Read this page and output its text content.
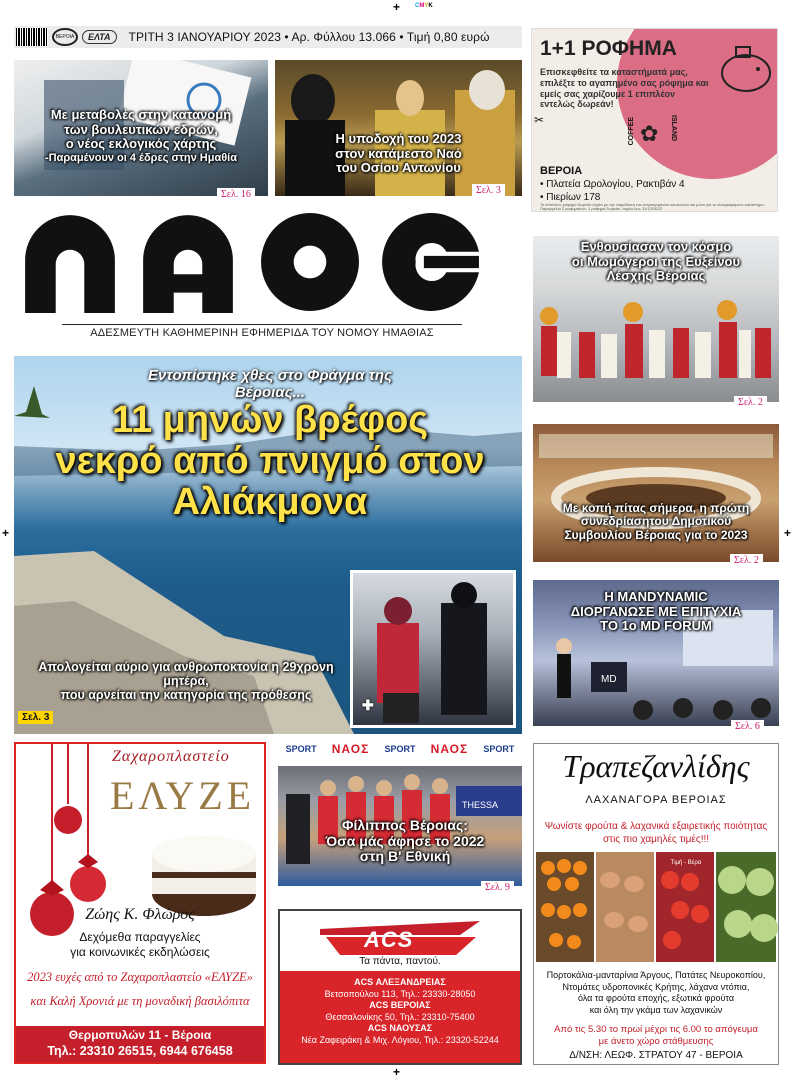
+
+	+
+
CMYK
ΒΕΡΟΙΑ	ΕΛΤΑ	ΤΡΙΤΗ 3 ΙΑΝΟΥΑΡΙΟΥ 2023 • Αρ. Φύλλου 13.066 • Τιμή 0,80 ευρώ
Με μεταβολές στην κατανομή
των βουλευτικών εδρών,
ο νέος εκλογικός χάρτης
-Παραμένουν οι 4 έδρες στην Ημαθία
Σελ. 16
Η υποδοχή του 2023
στον κατάμεστο Ναό
του Οσίου Αντωνίου
Σελ. 3
1+1 ΡΟΦΗΜΑ
Επισκεφθείτε τα καταστήματά μας, επιλέξτε το αγαπημένο σας ρόφημα και εμείς σας χαρίζουμε 1 επιπλέον εντελώς δωρεάν!
✂	COFFEE ✿ ISLAND
ΒΕΡΟΙΑ
• Πλατεία Ωρολογίου, Ρακτιβάν 4
• Πιερίων 178
Το επιπλέον ρόφημα δωρεάν ισχύει με την παράδοση του συγκεκριμένου κουπονιού και μόνο για το αναγραφόμενο κατάστημα. Παραγγελία 2 ροφημάτων, 1 ρόφημα δωρεάν. Ισχύει έως 31/12/2022
ΑΔΕΣΜΕΥΤΗ ΚΑΘΗΜΕΡΙΝΗ ΕΦΗΜΕΡΙΔΑ ΤΟΥ ΝΟΜΟΥ ΗΜΑΘΙΑΣ
Ενθουσίασαν τον κόσμο
οι Μωμόγεροι της Ευξείνου
Λέσχης Βέροιας
Σελ. 2
Με κοπή πίτας σήμερα, η πρώτη
συνεδρίασητου Δημοτικού
Συμβουλίου Βέροιας για το 2023
Σελ. 2
MD
Η MANDYNAMIC
ΔΙΟΡΓΑΝΩΣΕ ΜΕ ΕΠΙΤΥΧΙΑ
ΤΟ 1ο MD FORUM
Σελ. 6
Εντοπίστηκε χθες στο Φράγμα της Βέροιας...
11 μηνών βρέφος
νεκρό από πνιγμό στον Αλιάκμονα
Απολογείται αύριο για ανθρωποκτονία η 29χρονη μητέρα,
που αρνείται την κατηγορία της πρόθεσης
Σελ. 3
✚
Ζαχαροπλαστείο
ΕΛΥΖΕ
Ζώης Κ. Φλώρος
Δεχόμεθα παραγγελίες
για κοινωνικές εκδηλώσεις
2023 ευχές από το Ζαχαροπλαστείο «ΕΛΥΖΕ»
και Καλή Χρονιά με τη μοναδική βασιλόπιτα
Θερμοπυλών 11 - Βέροια
Τηλ.: 23310 26515, 6944 676458
SPORT ΝΑΟΣ SPORT ΝΑΟΣ SPORT
THESSA
Φίλιππος Βέροιας:
Όσα μάς άφησε το 2022
στη Β' Εθνική
Σελ. 9
ACS
Τα πάντα, παντού.
ACS ΑΛΕΞΑΝΔΡΕΙΑΣ
Βετσοπούλου 113, Τηλ.: 23330-28050
ACS ΒΕΡΟΙΑΣ
Θεσσαλονίκης 50, Τηλ.: 23310-75400
ACS ΝΑΟΥΣΑΣ
Νέα Ζαφειράκη & Μιχ. Λόγιου, Τηλ.: 23320-52244
Τραπεζανλίδης
ΛΑΧΑΝΑΓΟΡΑ ΒΕΡΟΙΑΣ
Ψωνίστε φρούτα & λαχανικά εξαιρετικής ποιότητας
στις πιο χαμηλές τιμές!!!
Τιμή - Βέρα
Πορτοκάλια-μανταρίνια Άργους, Πατάτες Νευροκοπίου,
Ντομάτες υδροπονικές Κρήτης, λάχανα ντόπια,
όλα τα φρούτα εποχής, εξωτικά φρούτα
και όλη την γκάμα των λαχανικών
Από τις 5.30 το πρωί μέχρι τις 6.00 το απόγευμα
με άνετο χώρο στάθμευσης
Δ/ΝΣΗ: ΛΕΩΦ. ΣΤΡΑΤΟΥ 47 - ΒΕΡΟΙΑ
